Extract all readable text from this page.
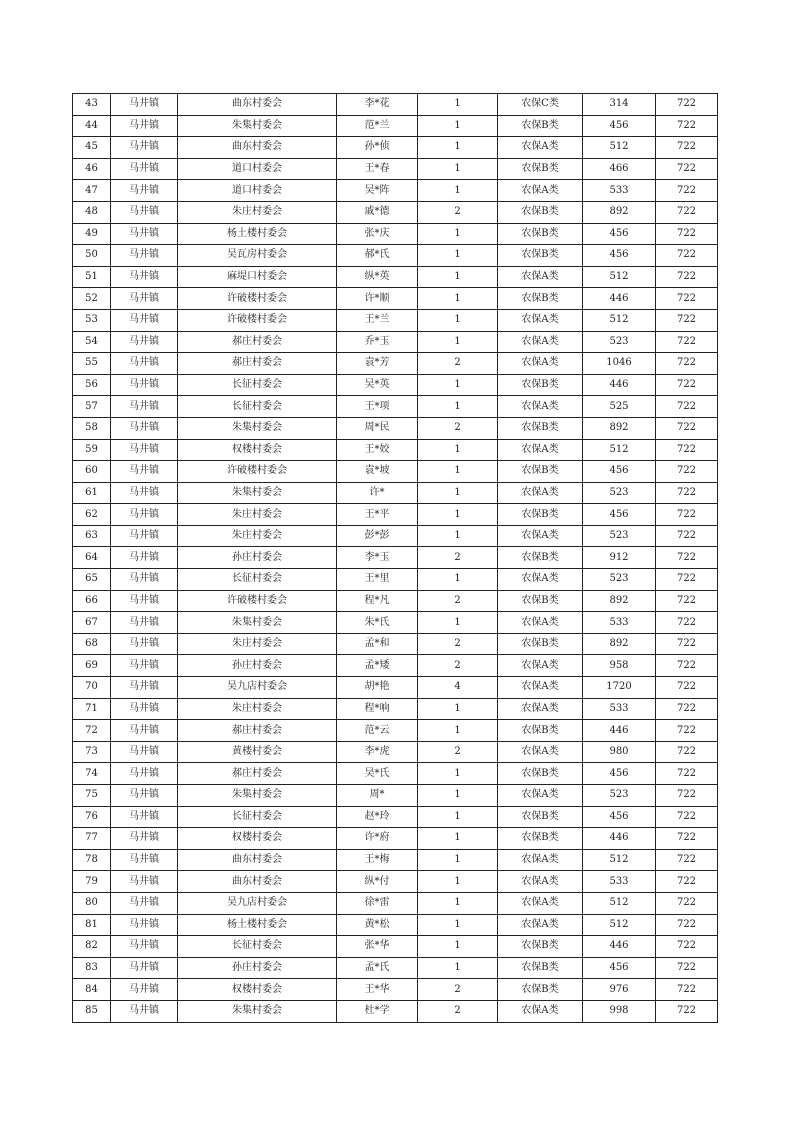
43	马井镇	曲东村委会	李*花	1	农保C类	314	722
44	马井镇	朱集村委会	范*兰	1	农保B类	456	722
45	马井镇	曲东村委会	孙*侦	1	农保A类	512	722
46	马井镇	道口村委会	王*春	1	农保B类	466	722
47	马井镇	道口村委会	吴*阵	1	农保A类	533	722
48	马井镇	朱庄村委会	戚*德	2	农保B类	892	722
49	马井镇	杨土楼村委会	张*庆	1	农保B类	456	722
50	马井镇	吴瓦房村委会	郝*氏	1	农保B类	456	722
51	马井镇	麻堤口村委会	纵*英	1	农保A类	512	722
52	马井镇	许破楼村委会	许*顺	1	农保B类	446	722
53	马井镇	许破楼村委会	王*兰	1	农保A类	512	722
54	马井镇	郝庄村委会	乔*玉	1	农保A类	523	722
55	马井镇	郝庄村委会	袁*芳	2	农保A类	1046	722
56	马井镇	长征村委会	吴*英	1	农保B类	446	722
57	马井镇	长征村委会	王*项	1	农保A类	525	722
58	马井镇	朱集村委会	周*民	2	农保B类	892	722
59	马井镇	权楼村委会	王*姣	1	农保A类	512	722
60	马井镇	许破楼村委会	袁*坡	1	农保B类	456	722
61	马井镇	朱集村委会	许*	1	农保A类	523	722
62	马井镇	朱庄村委会	王*平	1	农保B类	456	722
63	马井镇	朱庄村委会	彭*彭	1	农保A类	523	722
64	马井镇	孙庄村委会	李*玉	2	农保B类	912	722
65	马井镇	长征村委会	王*里	1	农保A类	523	722
66	马井镇	许破楼村委会	程*凡	2	农保B类	892	722
67	马井镇	朱集村委会	朱*氏	1	农保A类	533	722
68	马井镇	朱庄村委会	孟*和	2	农保B类	892	722
69	马井镇	孙庄村委会	孟*矮	2	农保A类	958	722
70	马井镇	吴九店村委会	胡*艳	4	农保A类	1720	722
71	马井镇	朱庄村委会	程*响	1	农保A类	533	722
72	马井镇	郝庄村委会	范*云	1	农保B类	446	722
73	马井镇	黄楼村委会	李*虎	2	农保A类	980	722
74	马井镇	郝庄村委会	吴*氏	1	农保B类	456	722
75	马井镇	朱集村委会	周*	1	农保A类	523	722
76	马井镇	长征村委会	赵*玲	1	农保B类	456	722
77	马井镇	权楼村委会	许*府	1	农保B类	446	722
78	马井镇	曲东村委会	王*梅	1	农保A类	512	722
79	马井镇	曲东村委会	纵*付	1	农保A类	533	722
80	马井镇	吴九店村委会	徐*雷	1	农保A类	512	722
81	马井镇	杨土楼村委会	黄*松	1	农保A类	512	722
82	马井镇	长征村委会	张*华	1	农保B类	446	722
83	马井镇	孙庄村委会	孟*氏	1	农保B类	456	722
84	马井镇	权楼村委会	王*华	2	农保B类	976	722
85	马井镇	朱集村委会	杜*学	2	农保A类	998	722
